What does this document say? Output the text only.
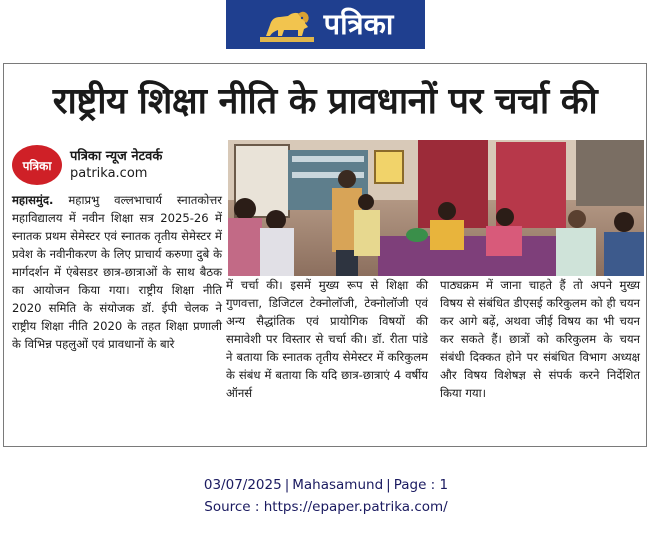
पत्रिका
राष्ट्रीय शिक्षा नीति के प्रावधानों पर चर्चा की
पत्रिका
पत्रिका न्यूज नेटवर्क
patrika.com

महासमुंद. महाप्रभु वल्लभाचार्य स्नातकोत्तर महाविद्यालय में नवीन शिक्षा सत्र 2025-26 में स्नातक प्रथम सेमेस्टर एवं स्नातक तृतीय सेमेस्टर में प्रवेश के नवीनीकरण के लिए प्राचार्य करुणा दुबे के मार्गदर्शन में एंबेसडर छात्र-छात्राओं के साथ बैठक का आयोजन किया गया। राष्ट्रीय शिक्षा नीति 2020 समिति के संयोजक डॉ. ईपी चेलक ने राष्ट्रीय शिक्षा नीति 2020 के तहत शिक्षा प्रणाली के विभिन्न पहलुओं एवं प्रावधानों के बारे

में चर्चा की। इसमें मुख्य रूप से शिक्षा की गुणवत्ता, डिजिटल टेक्नोलॉजी, टेक्नोलॉजी एवं अन्य सैद्धांतिक एवं प्रायोगिक विषयों की समावेशी पर विस्तार से चर्चा की। डॉ. रीता पांडे ने बताया कि स्नातक तृतीय सेमेस्टर में करिकुलम के संबंध में बताया कि यदि छात्र-छात्राएं 4 वर्षीय ऑनर्स

पाठ्यक्रम में जाना चाहते हैं तो अपने मुख्य विषय से संबंधित डीएसई करिकुलम को ही चयन कर आगे बढ़ें, अथवा जीई विषय का भी चयन कर सकते हैं। छात्रों को करिकुलम के चयन संबंधी दिक्कत होने पर संबंधित विभाग अध्यक्ष और विषय विशेषज्ञ से संपर्क करने निर्देशित किया गया।

03/07/2025 | Mahasamund | Page : 1
Source : https://epaper.patrika.com/
